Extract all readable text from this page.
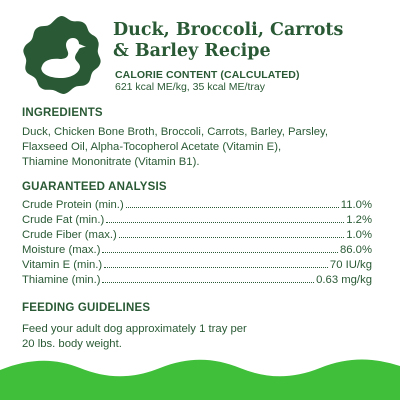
Duck, Broccoli, Carrots
& Barley Recipe
CALORIE CONTENT (CALCULATED)
621 kcal ME/kg, 35 kcal ME/tray
INGREDIENTS
Duck, Chicken Bone Broth, Broccoli, Carrots, Barley, Parsley,
Flaxseed Oil, Alpha-Tocopherol Acetate (Vitamin E),
Thiamine Mononitrate (Vitamin B1).
GUARANTEED ANALYSIS
Crude Protein (min.)	11.0%
Crude Fat (min.)	1.2%
Crude Fiber (max.)	1.0%
Moisture (max.)	86.0%
Vitamin E (min.)	70 IU/kg
Thiamine (min.)	0.63 mg/kg
FEEDING GUIDELINES
Feed your adult dog approximately 1 tray per
20 lbs. body weight.
